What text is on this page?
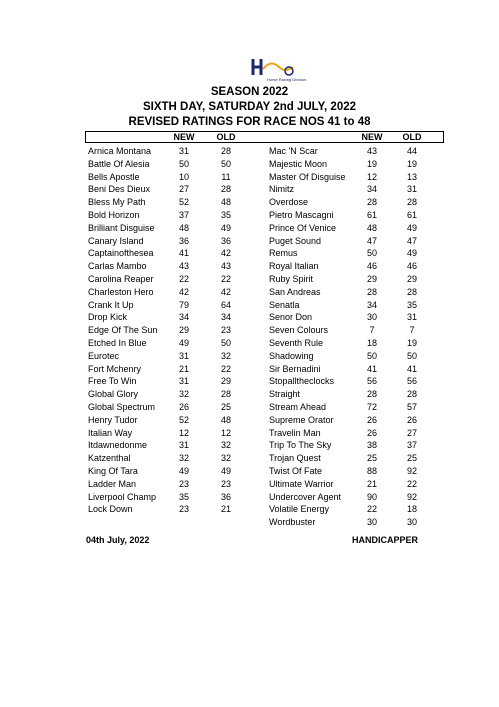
Horse Racing Division
SEASON 2022
SIXTH DAY, SATURDAY 2nd JULY, 2022
REVISED RATINGS FOR RACE NOS 41 to 48
NEW	OLD	NEW	OLD
Arnica Montana	31	28
Battle Of Alesia	50	50
Bells Apostle	10	11
Beni Des Dieux	27	28
Bless My Path	52	48
Bold Horizon	37	35
Brilliant Disguise	48	49
Canary Island	36	36
Captainofthesea	41	42
Carlas Mambo	43	43
Carolina Reaper	22	22
Charleston Hero	42	42
Crank It Up	79	64
Drop Kick	34	34
Edge Of The Sun	29	23
Etched In Blue	49	50
Eurotec	31	32
Fort Mchenry	21	22
Free To Win	31	29
Global Glory	32	28
Global Spectrum	26	25
Henry Tudor	52	48
Italian Way	12	12
Itdawnedonme	31	32
Katzenthal	32	32
King Of Tara	49	49
Ladder Man	23	23
Liverpool Champ	35	36
Lock Down	23	21
Mac 'N Scar	43	44
Majestic Moon	19	19
Master Of Disguise	12	13
Nimitz	34	31
Overdose	28	28
Pietro Mascagni	61	61
Prince Of Venice	48	49
Puget Sound	47	47
Remus	50	49
Royal Italian	46	46
Ruby Spirit	29	29
San Andreas	28	28
Senatla	34	35
Senor Don	30	31
Seven Colours	7	7
Seventh Rule	18	19
Shadowing	50	50
Sir Bernadini	41	41
Stopalltheclocks	56	56
Straight	28	28
Stream Ahead	72	57
Supreme Orator	26	26
Travelin Man	26	27
Trip To The Sky	38	37
Trojan Quest	25	25
Twist Of Fate	88	92
Ultimate Warrior	21	22
Undercover Agent	90	92
Volatile Energy	22	18
Wordbuster	30	30
04th July, 2022	HANDICAPPER
